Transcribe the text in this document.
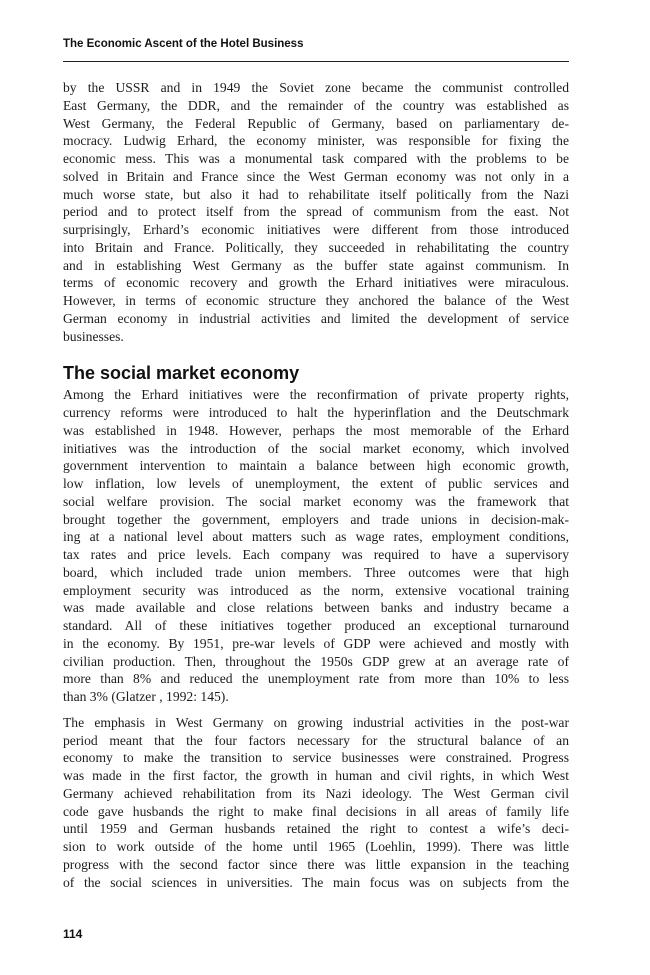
The Economic Ascent of the Hotel Business
by the USSR and in 1949 the Soviet zone became the communist controlled
East Germany, the DDR, and the remainder of the country was established as
West Germany, the Federal Republic of Germany, based on parliamentary de-
mocracy. Ludwig Erhard, the economy minister, was responsible for fixing the
economic mess. This was a monumental task compared with the problems to be
solved in Britain and France since the West German economy was not only in a
much worse state, but also it had to rehabilitate itself politically from the Nazi
period and to protect itself from the spread of communism from the east. Not
surprisingly, Erhard’s economic initiatives were different from those introduced
into Britain and France. Politically, they succeeded in rehabilitating the country
and in establishing West Germany as the buffer state against communism. In
terms of economic recovery and growth the Erhard initiatives were miraculous.
However, in terms of economic structure they anchored the balance of the West
German economy in industrial activities and limited the development of service
businesses.
The social market economy
Among the Erhard initiatives were the reconfirmation of private property rights,
currency reforms were introduced to halt the hyperinflation and the Deutschmark
was established in 1948. However, perhaps the most memorable of the Erhard
initiatives was the introduction of the social market economy, which involved
government intervention to maintain a balance between high economic growth,
low inflation, low levels of unemployment, the extent of public services and
social welfare provision. The social market economy was the framework that
brought together the government, employers and trade unions in decision-mak-
ing at a national level about matters such as wage rates, employment conditions,
tax rates and price levels. Each company was required to have a supervisory
board, which included trade union members. Three outcomes were that high
employment security was introduced as the norm, extensive vocational training
was made available and close relations between banks and industry became a
standard. All of these initiatives together produced an exceptional turnaround
in the economy. By 1951, pre-war levels of GDP were achieved and mostly with
civilian production. Then, throughout the 1950s GDP grew at an average rate of
more than 8% and reduced the unemployment rate from more than 10% to less
than 3% (Glatzer , 1992: 145).
The emphasis in West Germany on growing industrial activities in the post-war
period meant that the four factors necessary for the structural balance of an
economy to make the transition to service businesses were constrained. Progress
was made in the first factor, the growth in human and civil rights, in which West
Germany achieved rehabilitation from its Nazi ideology. The West German civil
code gave husbands the right to make final decisions in all areas of family life
until 1959 and German husbands retained the right to contest a wife’s deci-
sion to work outside of the home until 1965 (Loehlin, 1999). There was little
progress with the second factor since there was little expansion in the teaching
of the social sciences in universities. The main focus was on subjects from the
114
